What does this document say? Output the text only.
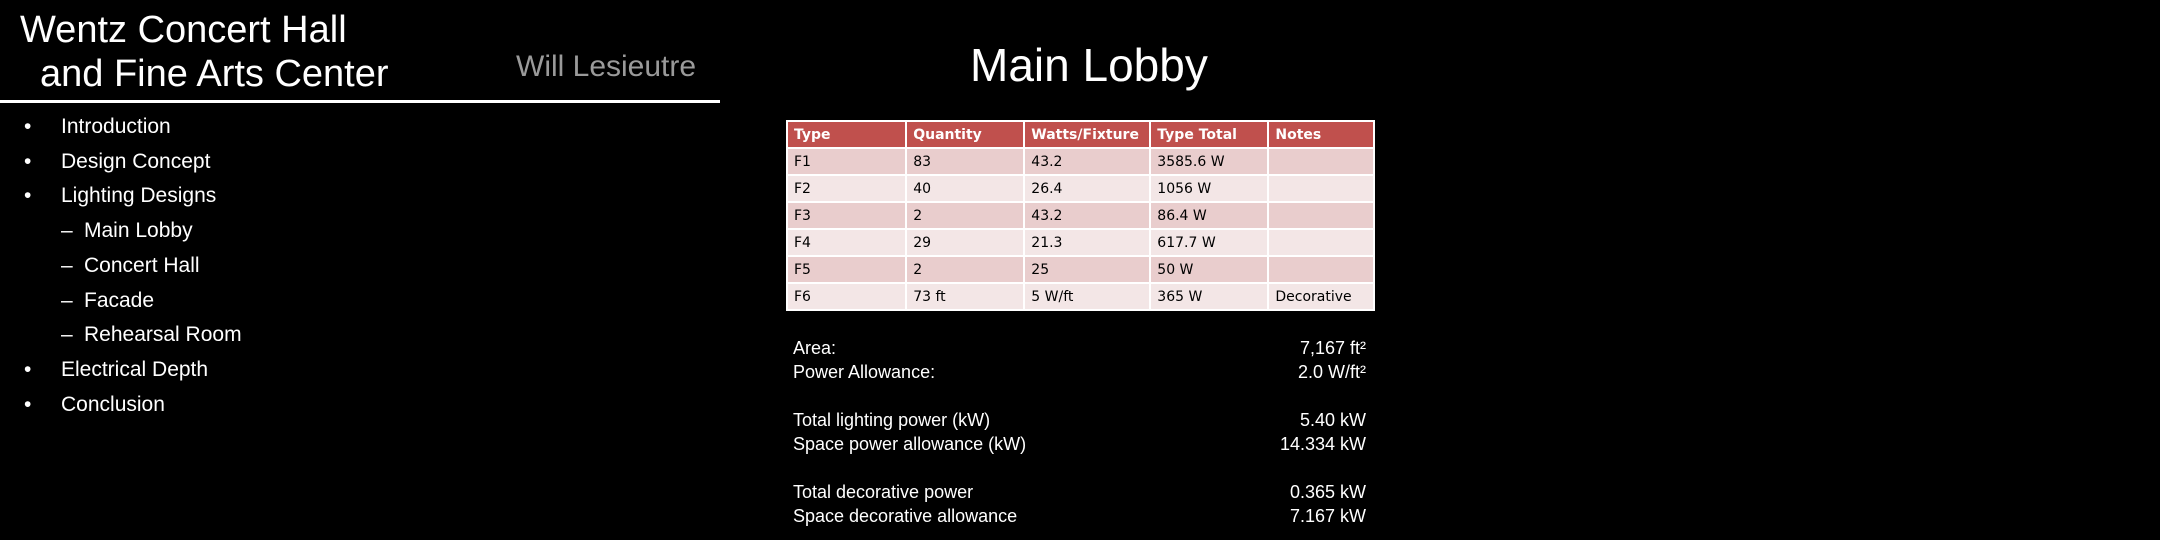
Wentz Concert Hall
and Fine Arts Center	Will Lesieutre
• Introduction
• Design Concept
• Lighting Designs
– Main Lobby
– Concert Hall
– Facade
– Rehearsal Room
• Electrical Depth
• Conclusion
Main Lobby
Type	Quantity	Watts/Fixture	Type Total	Notes
F1	83	43.2	3585.6 W	
F2	40	26.4	1056 W	
F3	2	43.2	86.4 W	
F4	29	21.3	617.7 W	
F5	2	25	50 W	
F6	73 ft	5 W/ft	365 W	Decorative
Area:	7,167 ft²
Power Allowance:	2.0 W/ft²
Total lighting power (kW)	5.40 kW
Space power allowance (kW)	14.334 kW
Total decorative power	0.365 kW
Space decorative allowance	7.167 kW
